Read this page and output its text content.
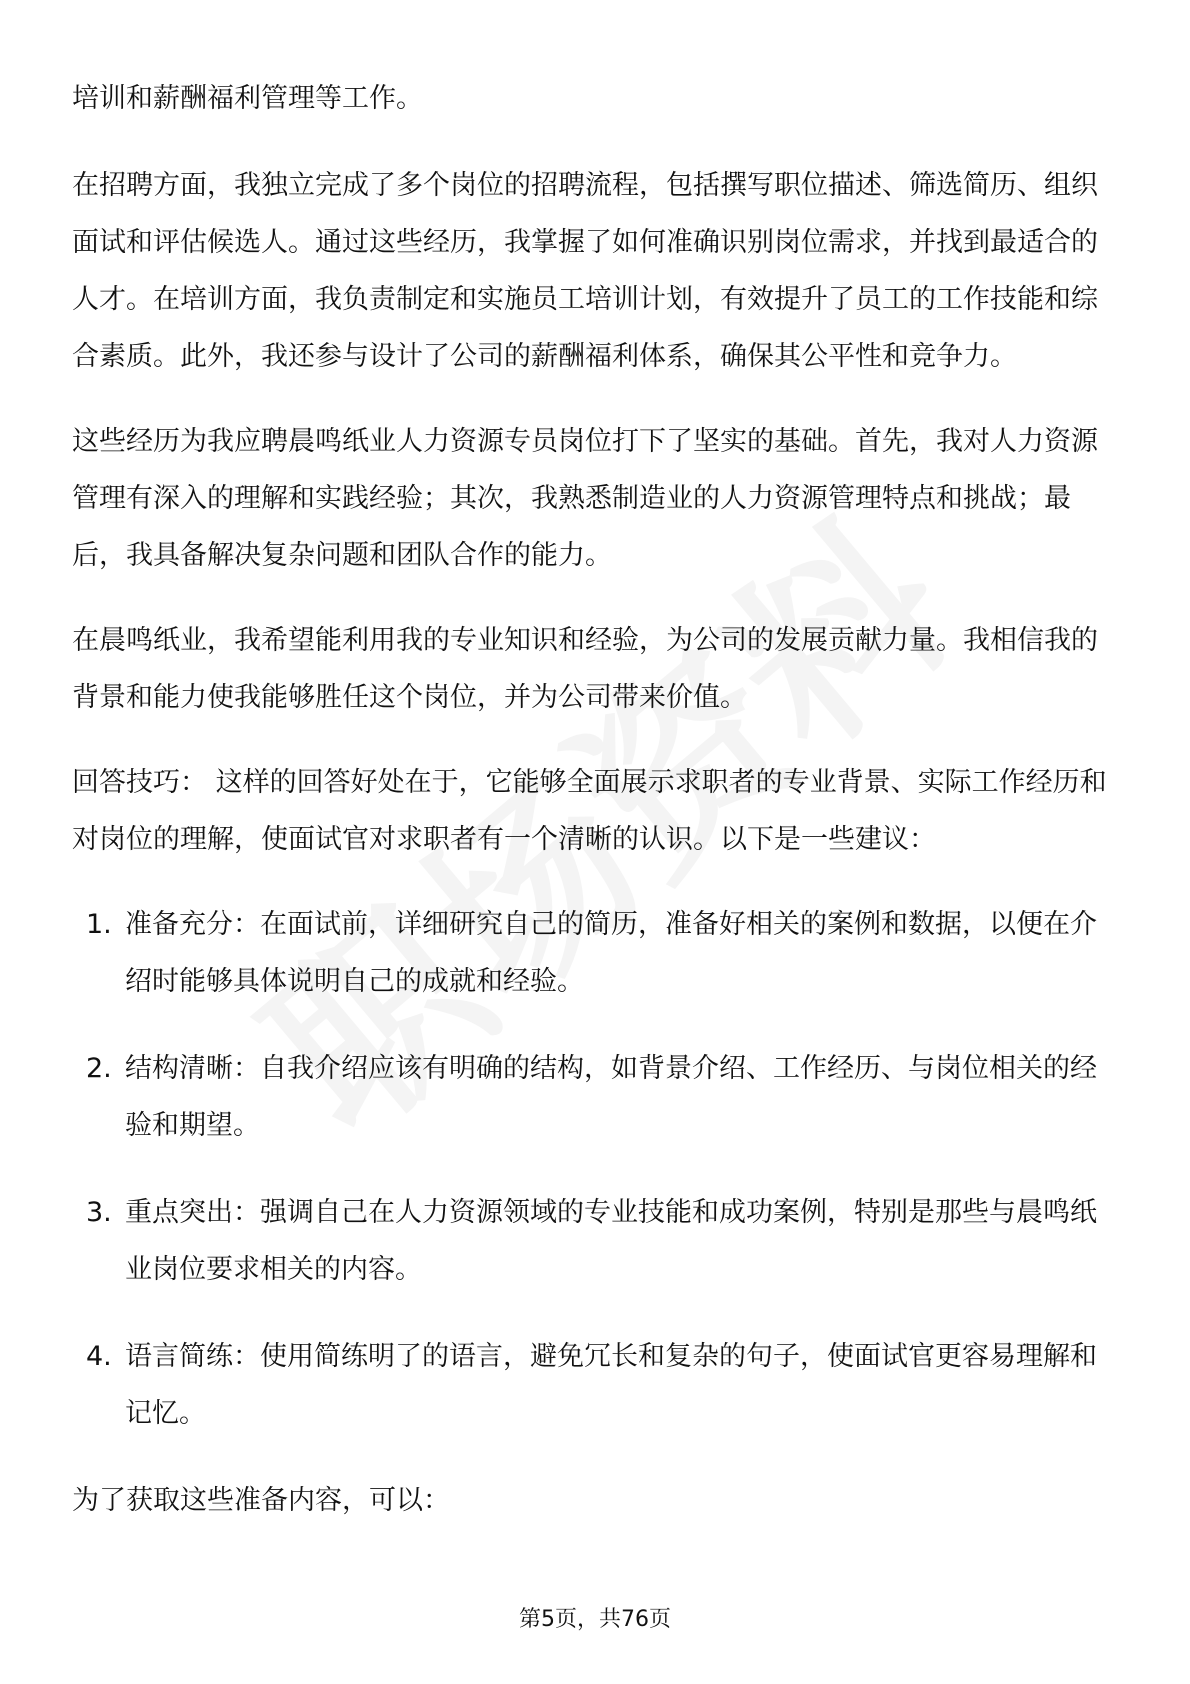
培训和薪酬福利管理等工作。

在招聘方面，我独立完成了多个岗位的招聘流程，包括撰写职位描述、筛选简历、组织面试和评估候选人。通过这些经历，我掌握了如何准确识别岗位需求，并找到最适合的人才。在培训方面，我负责制定和实施员工培训计划，有效提升了员工的工作技能和综合素质。此外，我还参与设计了公司的薪酬福利体系，确保其公平性和竞争力。

这些经历为我应聘晨鸣纸业人力资源专员岗位打下了坚实的基础。首先，我对人力资源管理有深入的理解和实践经验；其次，我熟悉制造业的人力资源管理特点和挑战；最后，我具备解决复杂问题和团队合作的能力。

在晨鸣纸业，我希望能利用我的专业知识和经验，为公司的发展贡献力量。我相信我的背景和能力使我能够胜任这个岗位，并为公司带来价值。

回答技巧： 这样的回答好处在于，它能够全面展示求职者的专业背景、实际工作经历和对岗位的理解，使面试官对求职者有一个清晰的认识。以下是一些建议：

1. 准备充分：在面试前，详细研究自己的简历，准备好相关的案例和数据，以便在介绍时能够具体说明自己的成就和经验。
2. 结构清晰：自我介绍应该有明确的结构，如背景介绍、工作经历、与岗位相关的经验和期望。
3. 重点突出：强调自己在人力资源领域的专业技能和成功案例，特别是那些与晨鸣纸业岗位要求相关的内容。
4. 语言简练：使用简练明了的语言，避免冗长和复杂的句子，使面试官更容易理解和记忆。

为了获取这些准备内容，可以：

第5页，共76页
